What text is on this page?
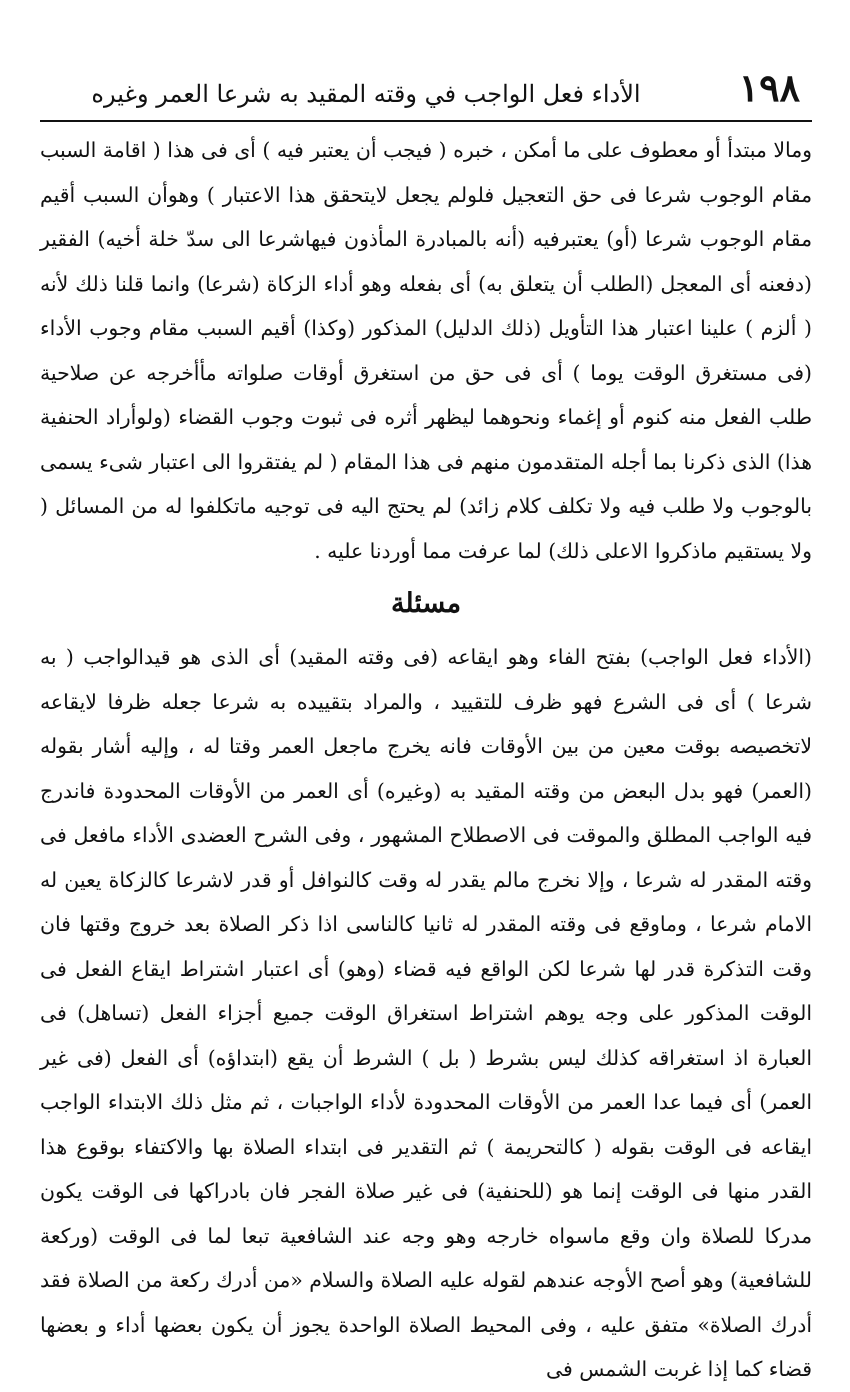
١٩٨
الأداء فعل الواجب في وقته المقيد به شرعا العمر وغيره

ومالا مبتدأ أو معطوف على ما أمكن ، خبره ( فيجب أن يعتبر فيه ) أى فى هذا ( اقامة السبب مقام الوجوب شرعا فى حق التعجيل فلولم يجعل لايتحقق هذا الاعتبار ) وهوأن السبب أقيم مقام الوجوب شرعا (أو) يعتبرفيه (أنه بالمبادرة المأذون فيهاشرعا الى سدّ خلة أخيه) الفقير (دفعنه أى المعجل (الطلب أن يتعلق به) أى بفعله وهو أداء الزكاة (شرعا) وانما قلنا ذلك لأنه ( ألزم ) علينا اعتبار هذا التأويل (ذلك الدليل) المذكور (وكذا) أقيم السبب مقام وجوب الأداء (فى مستغرق الوقت يوما ) أى فى حق من استغرق أوقات صلواته مأأخرجه عن صلاحية طلب الفعل منه كنوم أو إغماء ونحوهما ليظهر أثره فى ثبوت وجوب القضاء (ولوأراد الحنفية هذا) الذى ذكرنا بما أجله المتقدمون منهم فى هذا المقام ( لم يفتقروا الى اعتبار شىء يسمى بالوجوب ولا طلب فيه ولا تكلف كلام زائد) لم يحتج اليه فى توجيه ماتكلفوا له من المسائل ( ولا يستقيم ماذكروا الاعلى ذلك) لما عرفت مما أوردنا عليه .

مسئلة

(الأداء فعل الواجب) بفتح الفاء وهو ايقاعه (فى وقته المقيد) أى الذى هو قيدالواجب ( به شرعا ) أى فى الشرع فهو ظرف للتقييد ، والمراد بتقييده به شرعا جعله ظرفا لايقاعه لاتخصيصه بوقت معين من بين الأوقات فانه يخرج ماجعل العمر وقتا له ، وإليه أشار بقوله (العمر) فهو بدل البعض من وقته المقيد به (وغيره) أى العمر من الأوقات المحدودة فاندرج فيه الواجب المطلق والموقت فى الاصطلاح المشهور ، وفى الشرح العضدى الأداء مافعل فى وقته المقدر له شرعا ، وإلا نخرج مالم يقدر له وقت كالنوافل أو قدر لاشرعا كالزكاة يعين له الامام شرعا ، وماوقع فى وقته المقدر له ثانيا كالناسى اذا ذكر الصلاة بعد خروج وقتها فان وقت التذكرة قدر لها شرعا لكن الواقع فيه قضاء (وهو) أى اعتبار اشتراط ايقاع الفعل فى الوقت المذكور على وجه يوهم اشتراط استغراق الوقت جميع أجزاء الفعل (تساهل) فى العبارة اذ استغراقه كذلك ليس بشرط ( بل ) الشرط أن يقع (ابتداؤه) أى الفعل (فى غير العمر) أى فيما عدا العمر من الأوقات المحدودة لأداء الواجبات ، ثم مثل ذلك الابتداء الواجب ايقاعه فى الوقت بقوله ( كالتحريمة ) ثم التقدير فى ابتداء الصلاة بها والاكتفاء بوقوع هذا القدر منها فى الوقت إنما هو (للحنفية) فى غير صلاة الفجر فان بادراكها فى الوقت يكون مدركا للصلاة وان وقع ماسواه خارجه وهو وجه عند الشافعية تبعا لما فى الوقت (وركعة للشافعية) وهو أصح الأوجه عندهم لقوله عليه الصلاة والسلام «من أدرك ركعة من الصلاة فقد أدرك الصلاة» متفق عليه ، وفى المحيط الصلاة الواحدة يجوز أن يكون بعضها أداء و بعضها قضاء كما إذا غربت الشمس فى
